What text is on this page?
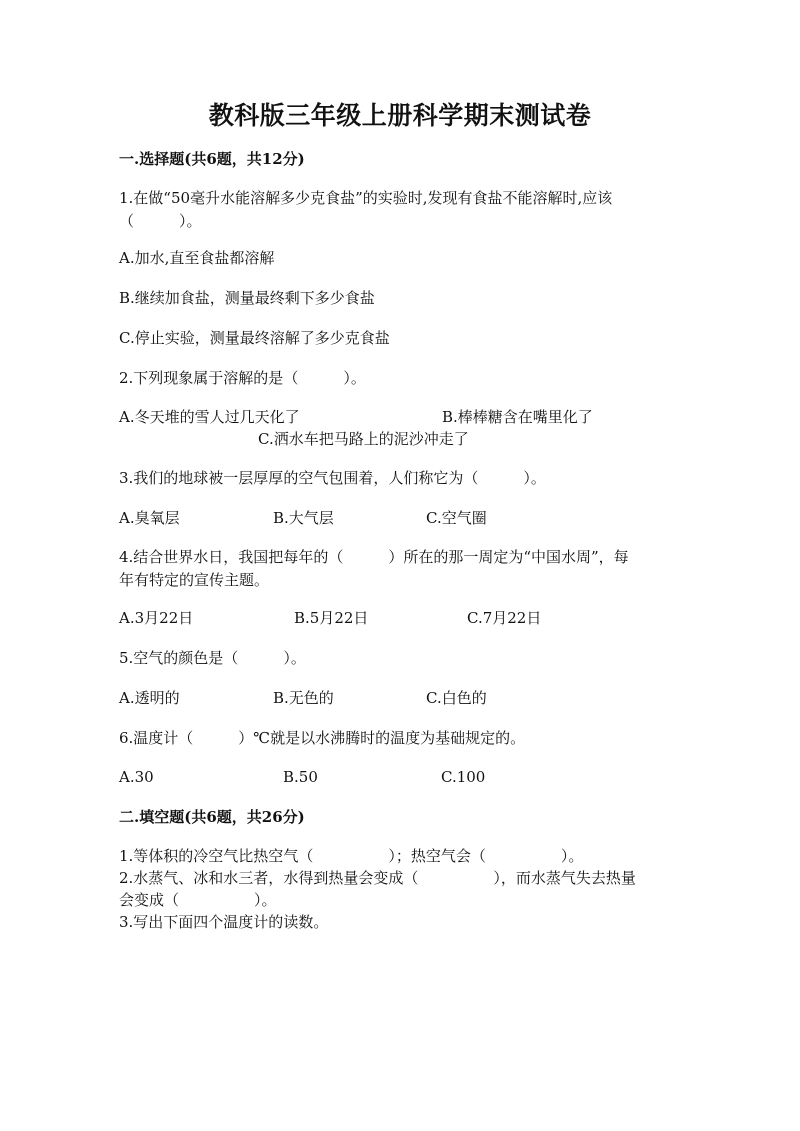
教科版三年级上册科学期末测试卷
一.选择题(共6题，共12分)
1.在做“50毫升水能溶解多少克食盐”的实验时,发现有食盐不能溶解时,应该
（　　　）。
A.加水,直至食盐都溶解
B.继续加食盐，测量最终剩下多少食盐
C.停止实验，测量最终溶解了多少克食盐
2.下列现象属于溶解的是（　　　）。
A.冬天堆的雪人过几天化了	B.棒棒糖含在嘴里化了
C.洒水车把马路上的泥沙冲走了
3.我们的地球被一层厚厚的空气包围着，人们称它为（　　　）。
A.臭氧层	B.大气层	C.空气圈
4.结合世界水日，我国把每年的（　　　）所在的那一周定为“中国水周”，每
年有特定的宣传主题。
A.3月22日	B.5月22日	C.7月22日
5.空气的颜色是（　　　）。
A.透明的	B.无色的	C.白色的
6.温度计（　　　）℃就是以水沸腾时的温度为基础规定的。
A.30	B.50	C.100
二.填空题(共6题，共26分)
1.等体积的冷空气比热空气（　　　　　）；热空气会（　　　　　）。
2.水蒸气、冰和水三者，水得到热量会变成（　　　　　），而水蒸气失去热量
会变成（　　　　　）。
3.写出下面四个温度计的读数。
